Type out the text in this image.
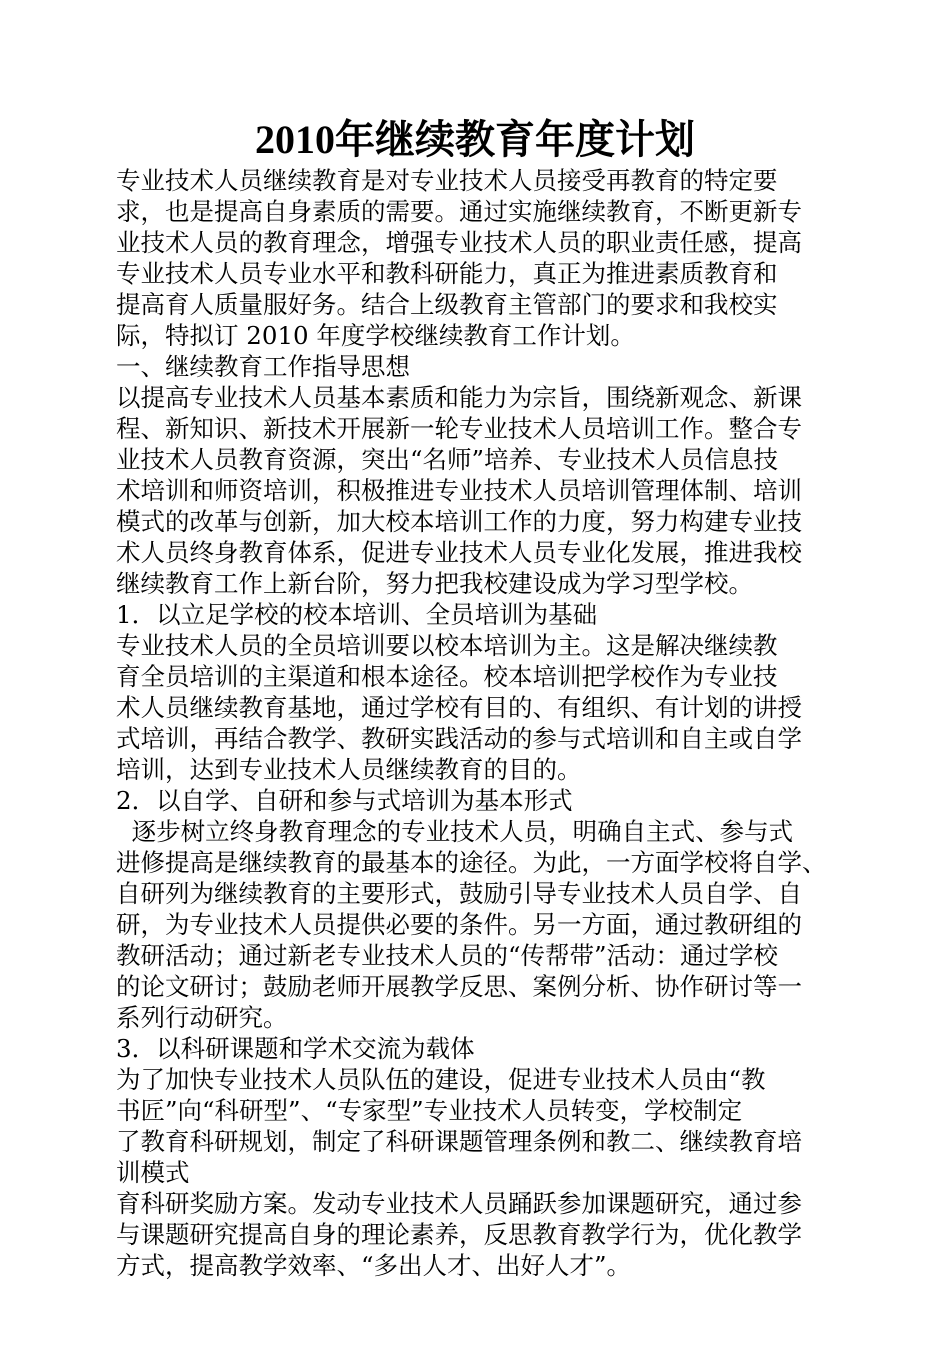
2010年继续教育年度计划
专业技术人员继续教育是对专业技术人员接受再教育的特定要
求，也是提高自身素质的需要。通过实施继续教育，不断更新专
业技术人员的教育理念，增强专业技术人员的职业责任感，提高
专业技术人员专业水平和教科研能力，真正为推进素质教育和
提高育人质量服好务。结合上级教育主管部门的要求和我校实
际，特拟订 2010 年度学校继续教育工作计划。
一、继续教育工作指导思想
以提高专业技术人员基本素质和能力为宗旨，围绕新观念、新课
程、新知识、新技术开展新一轮专业技术人员培训工作。整合专
业技术人员教育资源，突出“名师”培养、专业技术人员信息技
术培训和师资培训，积极推进专业技术人员培训管理体制、培训
模式的改革与创新，加大校本培训工作的力度，努力构建专业技
术人员终身教育体系，促进专业技术人员专业化发展，推进我校
继续教育工作上新台阶，努力把我校建设成为学习型学校。
1．以立足学校的校本培训、全员培训为基础
专业技术人员的全员培训要以校本培训为主。这是解决继续教
育全员培训的主渠道和根本途径。校本培训把学校作为专业技
术人员继续教育基地，通过学校有目的、有组织、有计划的讲授
式培训，再结合教学、教研实践活动的参与式培训和自主或自学
培训，达到专业技术人员继续教育的目的。
2．以自学、自研和参与式培训为基本形式
逐步树立终身教育理念的专业技术人员，明确自主式、参与式
进修提高是继续教育的最基本的途径。为此，一方面学校将自学、
自研列为继续教育的主要形式，鼓励引导专业技术人员自学、自
研，为专业技术人员提供必要的条件。另一方面，通过教研组的
教研活动；通过新老专业技术人员的“传帮带”活动：通过学校
的论文研讨；鼓励老师开展教学反思、案例分析、协作研讨等一
系列行动研究。
3．以科研课题和学术交流为载体
为了加快专业技术人员队伍的建设，促进专业技术人员由“教
书匠”向“科研型”、“专家型”专业技术人员转变，学校制定
了教育科研规划，制定了科研课题管理条例和教二、继续教育培
训模式
育科研奖励方案。发动专业技术人员踊跃参加课题研究，通过参
与课题研究提高自身的理论素养，反思教育教学行为，优化教学
方式，提高教学效率、“多出人才、出好人才”。
